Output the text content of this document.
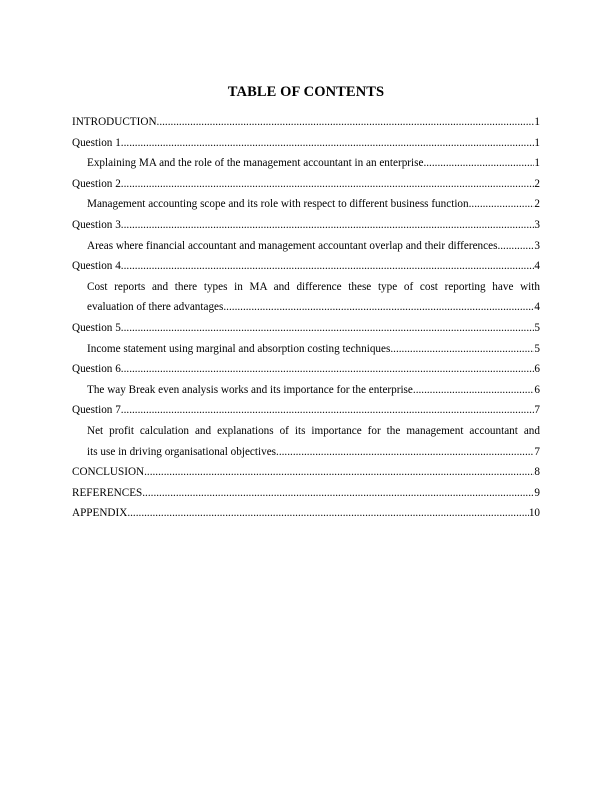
TABLE OF CONTENTS
INTRODUCTION .....	1
Question 1 .....	1
Explaining MA and the role of the management accountant in an enterprise .....	1
Question 2 .....	2
Management accounting scope and its role with respect to different business function .....	2
Question 3 .....	3
Areas where financial accountant and management accountant overlap and their differences .....	3
Question 4 .....	4
Cost reports and there types in MA and difference these type of cost reporting have with
evaluation of there advantages .....	4
Question 5 .....	5
Income statement using marginal and absorption costing techniques .....	5
Question 6 .....	6
The way Break even analysis works and its importance for the enterprise .....	6
Question 7 .....	7
Net profit calculation and explanations of its importance for the management accountant and
its use in driving organisational objectives .....	7
CONCLUSION .....	8
REFERENCES .....	9
APPENDIX .....	10
